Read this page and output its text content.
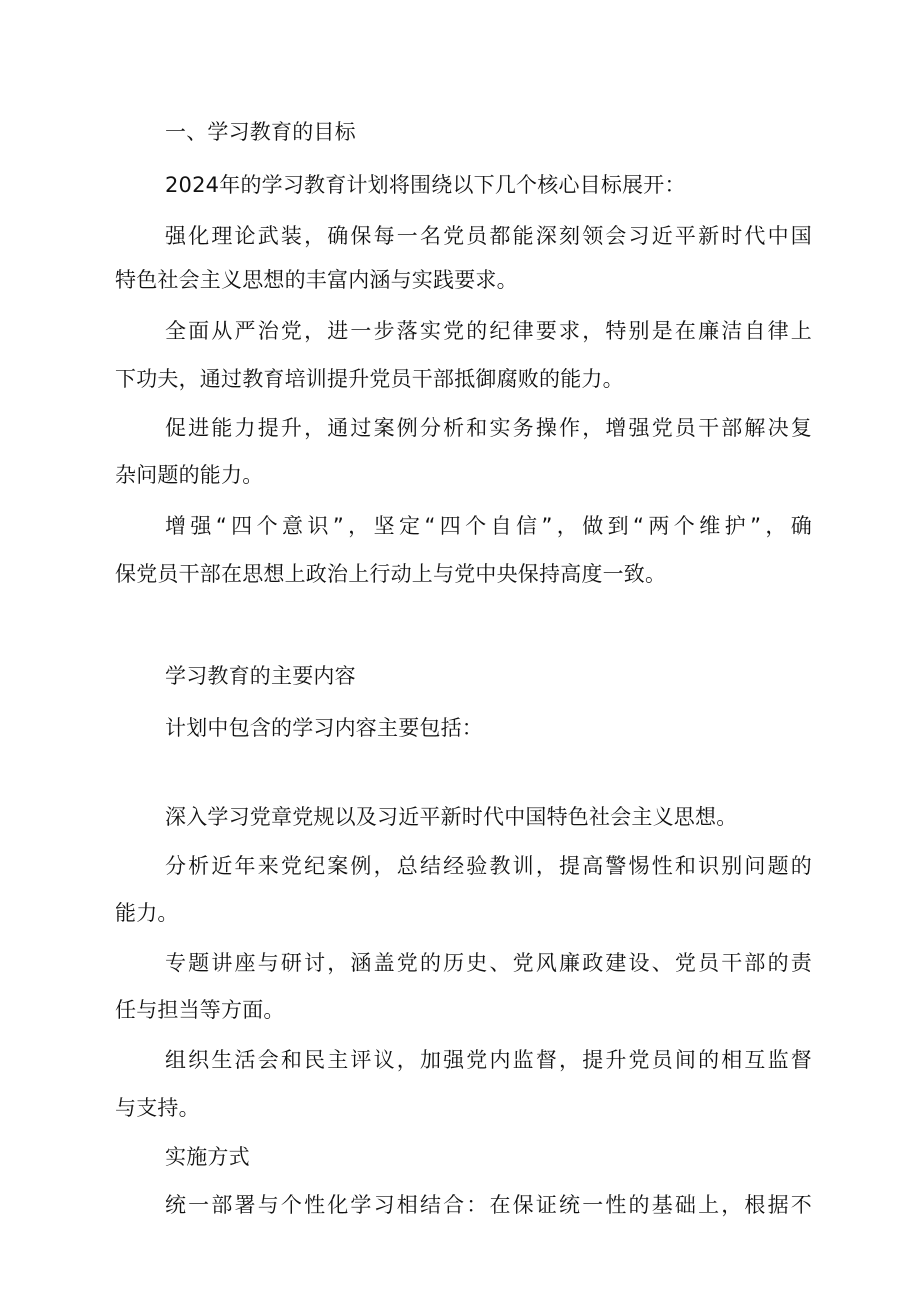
一、学习教育的目标
2024年的学习教育计划将围绕以下几个核心目标展开：
强化理论武装，确保每一名党员都能深刻领会习近平新时代中国
特色社会主义思想的丰富内涵与实践要求。
全面从严治党，进一步落实党的纪律要求，特别是在廉洁自律上
下功夫，通过教育培训提升党员干部抵御腐败的能力。
促进能力提升，通过案例分析和实务操作，增强党员干部解决复
杂问题的能力。
增强“四个意识”，坚定“四个自信”，做到“两个维护”，确
保党员干部在思想上政治上行动上与党中央保持高度一致。
学习教育的主要内容
计划中包含的学习内容主要包括：
深入学习党章党规以及习近平新时代中国特色社会主义思想。
分析近年来党纪案例，总结经验教训，提高警惕性和识别问题的
能力。
专题讲座与研讨，涵盖党的历史、党风廉政建设、党员干部的责
任与担当等方面。
组织生活会和民主评议，加强党内监督，提升党员间的相互监督
与支持。
实施方式
统一部署与个性化学习相结合：在保证统一性的基础上，根据不
